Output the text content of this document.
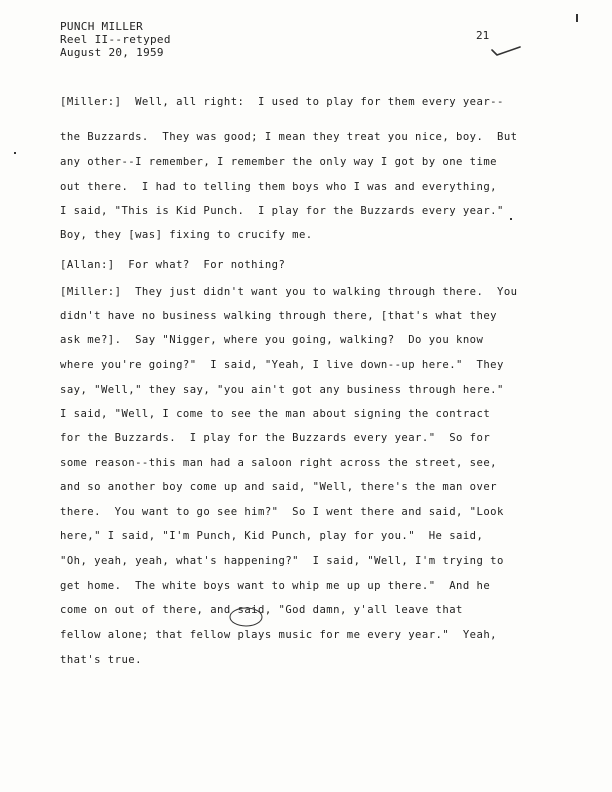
PUNCH MILLER
Reel II--retyped
August 20, 1959
21
[Miller:]  Well, all right:  I used to play for them every year--
the Buzzards.  They was good; I mean they treat you nice, boy.  But
any other--I remember, I remember the only way I got by one time
out there.  I had to telling them boys who I was and everything,
I said, "This is Kid Punch.  I play for the Buzzards every year."
Boy, they [was] fixing to crucify me.
[Allan:]  For what?  For nothing?
[Miller:]  They just didn't want you to walking through there.  You
didn't have no business walking through there, [that's what they
ask me?].  Say "Nigger, where you going, walking?  Do you know
where you're going?"  I said, "Yeah, I live down--up here."  They
say, "Well," they say, "you ain't got any business through here."
I said, "Well, I come to see the man about signing the contract
for the Buzzards.  I play for the Buzzards every year."  So for
some reason--this man had a saloon right across the street, see,
and so another boy come up and said, "Well, there's the man over
there.  You want to go see him?"  So I went there and said, "Look
here," I said, "I'm Punch, Kid Punch, play for you."  He said,
"Oh, yeah, yeah, what's happening?"  I said, "Well, I'm trying to
get home.  The white boys want to whip me up up there."  And he
come on out of there, and said, "God damn, y'all leave that
fellow alone; that fellow plays music for me every year."  Yeah,
that's true.
